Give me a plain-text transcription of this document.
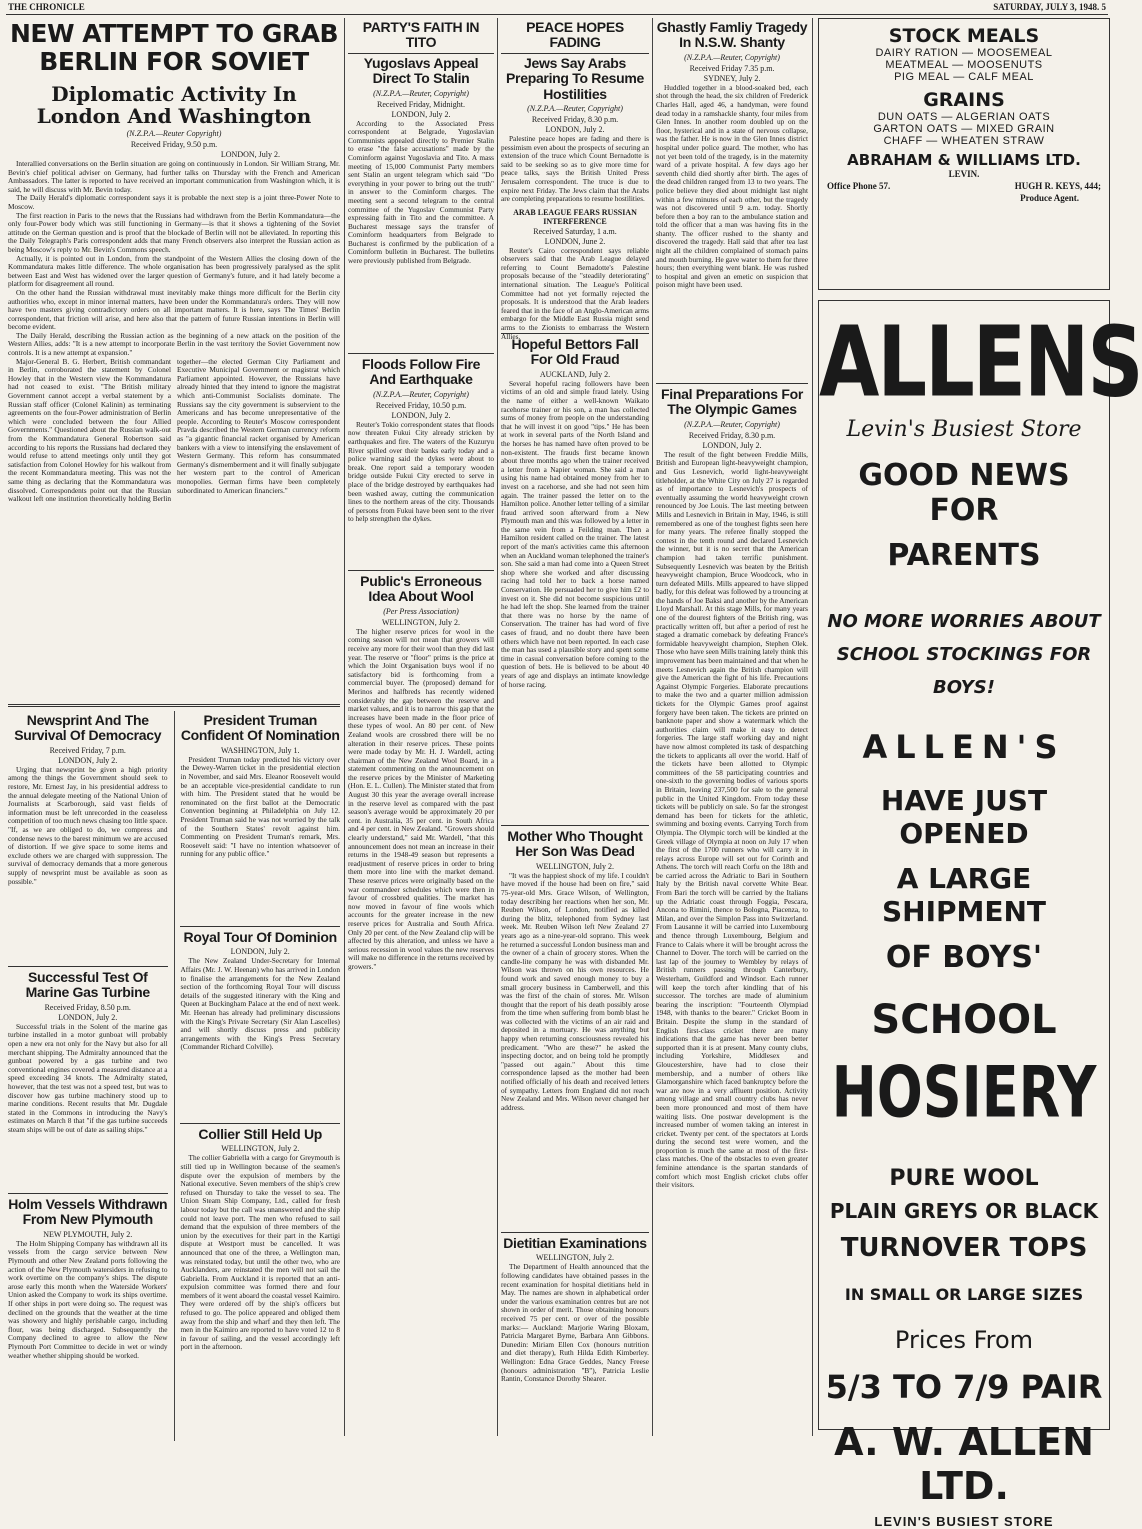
THE CHRONICLE	SATURDAY, JULY 3, 1948. 5
NEW ATTEMPT TO GRAB BERLIN FOR SOVIET
Diplomatic Activity In London And Washington
(N.Z.P.A.—Reuter Copyright)
Received Friday, 9.50 p.m.
LONDON, July 2.

Interallied conversations on the Berlin situation are going on continuously in London. Sir William Strang, Mr. Bevin's chief political adviser on Germany, had further talks on Thursday with the French and American Ambassadors. The latter is reported to have received an important communication from Washington which, it is said, he will discuss with Mr. Bevin today.

The Daily Herald's diplomatic correspondent says it is probable the next step is a joint three-Power Note to Moscow.

The first reaction in Paris to the news that the Russians had withdrawn from the Berlin Kommandatura—the only four-Power body which was still functioning in Germany—is that it shows a tightening of the Soviet attitude on the German question and is proof that the blockade of Berlin will not be alleviated. In reporting this the Daily Telegraph's Paris correspondent adds that many French observers also interpret the Russian action as being Moscow's reply to Mr. Bevin's Commons speech.

Actually, it is pointed out in London, from the standpoint of the Western Allies the closing down of the Kommandatura makes little difference. The whole organisation has been progressively paralysed as the split between East and West has widened over the larger question of Germany's future, and it had lately become a platform for disagreement all round.

On the other hand the Russian withdrawal must inevitably make things more difficult for the Berlin city authorities who, except in minor internal matters, have been under the Kommandatura's orders. They will now have two masters giving contradictory orders on all important matters. It is here, says The Times' Berlin correspondent, that friction will arise, and here also that the pattern of future Russian intentions in Berlin will become evident.

The Daily Herald, describing the Russian action as the beginning of a new attack on the position of the Western Allies, adds: "It is a new attempt to incorporate Berlin in the vast territory the Soviet Government now controls. It is a new attempt at expansion."

Major-General B. G. Herbert, British commandant in Berlin, corroborated the statement by Colonel Howley that in the Western view the Kommandatura had not ceased to exist. "The British military Government cannot accept a verbal statement by a Russian staff officer (Colonel Kalinin) as terminating agreements on the four-Power administration of Berlin which were concluded between the four Allied Governments." Questioned about the Russian walk-out from the Kommandatura General Robertson said according to his reports the Russians had declared they would refuse to attend meetings only until they got satisfaction from Colonel Howley for his walkout from the recent Kommandatura meeting. This was not the same thing as declaring that the Kommandatura was dissolved. Correspondents point out that the Russian walkout left one institution theoretically holding Berlin together—the elected German City Parliament and Executive Municipal Government or magistrat which Parliament appointed. However, the Russians have already hinted that they intend to ignore the magistrat which anti-Communist Socialists dominate. The Russians say the city government is subservient to the Americans and has become unrepresentative of the people. According to Reuter's Moscow correspondent Pravda described the Western German currency reform as "a gigantic financial racket organised by American bankers with a view to intensifying the enslavement of Western Germany. This reform has consummated Germany's dismemberment and it will finally subjugate her western part to the control of American monopolies. German firms have been completely subordinated to American financiers."

Newsprint And The Survival Of Democracy
Received Friday, 7 p.m.
LONDON, July 2.

Urging that newsprint be given a high priority among the things the Government should seek to restore, Mr. Ernest Jay, in his presidential address to the annual delegate meeting of the National Union of Journalists at Scarborough, said vast fields of information must be left unrecorded in the ceaseless competition of too much news chasing too little space. "If, as we are obliged to do, we compress and condense news to the barest minimum we are accused of distortion. If we give space to some items and exclude others we are charged with suppression. The survival of democracy demands that a more generous supply of newsprint must be available as soon as possible."

Successful Test Of Marine Gas Turbine
Received Friday, 8.50 p.m.
LONDON, July 2.

Successful trials in the Solent of the marine gas turbine installed in a motor gunboat will probably open a new era not only for the Navy but also for all merchant shipping. The Admiralty announced that the gunboat powered by a gas turbine and two conventional engines covered a measured distance at a speed exceeding 34 knots. The Admiralty stated, however, that the test was not a speed test, but was to discover how gas turbine machinery stood up to marine conditions. Recent results that Mr. Dugdale stated in the Commons in introducing the Navy's estimates on March 8 that "if the gas turbine succeeds steam ships will be out of date as sailing ships."

Holm Vessels Withdrawn From New Plymouth
NEW PLYMOUTH, July 2.

The Holm Shipping Company has withdrawn all its vessels from the cargo service between New Plymouth and other New Zealand ports following the action of the New Plymouth watersiders in refusing to work overtime on the company's ships. The dispute arose early this month when the Waterside Workers' Union asked the Company to work its ships overtime. If other ships in port were doing so. The request was declined on the grounds that the weather at the time was showery and highly perishable cargo, including flour, was being discharged. Subsequently the Company declined to agree to allow the New Plymouth Port Committee to decide in wet or windy weather whether shipping should be worked.

President Truman Confident Of Nomination
WASHINGTON, July 1.

President Truman today predicted his victory over the Dewey-Warren ticket in the presidential election in November, and said Mrs. Eleanor Roosevelt would be an acceptable vice-presidential candidate to run with him. The President stated that he would be renominated on the first ballot at the Democratic Convention beginning at Philadelphia on July 12. President Truman said he was not worried by the talk of the Southern States' revolt against him. Commenting on President Truman's remark, Mrs. Roosevelt said: "I have no intention whatsoever of running for any public office."

Royal Tour Of Dominion
LONDON, July 2.

The New Zealand Under-Secretary for Internal Affairs (Mr. J. W. Heenan) who has arrived in London to finalise the arrangements for the New Zealand section of the forthcoming Royal Tour will discuss details of the suggested itinerary with the King and Queen at Buckingham Palace at the end of next week. Mr. Heenan has already had preliminary discussions with the King's Private Secretary (Sir Alan Lascelles) and will shortly discuss press and publicity arrangements with the King's Press Secretary (Commander Richard Colville).

Collier Still Held Up
WELLINGTON, July 2.

The collier Gabriella with a cargo for Greymouth is still tied up in Wellington because of the seamen's dispute over the expulsion of members by the National executive. Seven members of the ship's crew refused on Thursday to take the vessel to sea. The Union Steam Ship Company, Ltd., called for fresh labour today but the call was unanswered and the ship could not leave port. The men who refused to sail demand that the expulsion of three members of the union by the executives for their part in the Kartigi dispute at Westport must be cancelled. It was announced that one of the three, a Wellington man, was reinstated today, but until the other two, who are Aucklanders, are reinstated the men will not sail the Gabriella. From Auckland it is reported that an anti-expulsion committee was formed there and four members of it went aboard the coastal vessel Kaimiro. They were ordered off by the ship's officers but refused to go. The police appeared and obliged them away from the ship and wharf and they then left. The men in the Kaimiro are reported to have voted 12 to 8 in favour of sailing, and the vessel accordingly left port in the afternoon.

PARTY'S FAITH IN TITO
Yugoslavs Appeal Direct To Stalin
(N.Z.P.A.—Reuter, Copyright)
Received Friday, Midnight.
LONDON, July 2.

According to the Associated Press correspondent at Belgrade, Yugoslavian Communists appealed directly to Premier Stalin to erase "the false accusations" made by the Cominform against Yugoslavia and Tito. A mass meeting of 15,000 Communist Party members sent Stalin an urgent telegram which said "Do everything in your power to bring out the truth" in answer to the Cominform charges. The meeting sent a second telegram to the central committee of the Yugoslav Communist Party expressing faith in Tito and the committee. A Bucharest message says the transfer of Cominform headquarters from Belgrade to Bucharest is confirmed by the publication of a Cominform bulletin in Bucharest. The bulletins were previously published from Belgrade.

Floods Follow Fire And Earthquake
(N.Z.P.A.—Reuter, Copyright)
Received Friday, 10.50 p.m.
LONDON, July 2.

Reuter's Tokio correspondent states that floods now threaten Fukui City already stricken by earthquakes and fire. The waters of the Kuzuryu River spilled over their banks early today and a police warning said the dykes were about to break. One report said a temporary wooden bridge outside Fukui City erected to serve in place of the bridge destroyed by earthquakes had been washed away, cutting the communication lines to the northern areas of the city. Thousands of persons from Fukui have been sent to the river to help strengthen the dykes.

Public's Erroneous Idea About Wool
(Per Press Association)
WELLINGTON, July 2.

The higher reserve prices for wool in the coming season will not mean that growers will receive any more for their wool than they did last year. The reserve or "floor" prims is the price at which the Joint Organisation buys wool if no satisfactory bid is forthcoming from a commercial buyer. The (proposed) demand for Merinos and halfbreds has recently widened considerably the gap between the reserve and market values, and it is to narrow this gap that the increases have been made in the floor price of these types of wool. An 80 per cent. of New Zealand wools are crossbred there will be no alteration in their reserve prices. These points were made today by Mr. H. J. Wardell, acting chairman of the New Zealand Wool Board, in a statement commenting on the announcement on the reserve prices by the Minister of Marketing (Hon. E. L. Cullen). The Minister stated that from August 30 this year the average overall increase in the reserve level as compared with the past season's average would be approximately 20 per cent. in Australia, 35 per cent. in South Africa and 4 per cent. in New Zealand. "Growers should clearly understand," said Mr. Wardell, "that this announcement does not mean an increase in their returns in the 1948-49 season but represents a readjustment of reserve prices in order to bring them more into line with the market demand. These reserve prices were originally based on the war commandeer schedules which were then in favour of crossbred qualities. The market has now moved in favour of fine wools which accounts for the greater increase in the new reserve prices for Australia and South Africa. Only 20 per cent. of the New Zealand clip will be affected by this alteration, and unless we have a serious recession in wool values the new reserves will make no difference in the returns received by growers."

PEACE HOPES FADING
Jews Say Arabs Preparing To Resume Hostilities
(N.Z.P.A.—Reuter, Copyright)
Received Friday, 8.30 p.m.
LONDON, July 2.

Palestine peace hopes are fading and there is pessimism even about the prospects of securing an extension of the truce which Count Bernadotte is said to be seeking so as to give more time for peace talks, says the British United Press Jerusalem correspondent. The truce is due to expire next Friday. The Jews claim that the Arabs are completing preparations to resume hostilities.

ARAB LEAGUE FEARS RUSSIAN INTERFERENCE
Received Saturday, 1 a.m.
LONDON, June 2.

Reuter's Cairo correspondent says reliable observers said that the Arab League delayed referring to Count Bernadotte's Palestine proposals because of the "steadily deteriorating" international situation. The League's Political Committee had not yet formally rejected the proposals. It is understood that the Arab leaders feared that in the face of an Anglo-American arms embargo for the Middle East Russia might send arms to the Zionists to embarrass the Western Allies.

Hopeful Bettors Fall For Old Fraud
AUCKLAND, July 2.

Several hopeful racing followers have been victims of an old and simple fraud lately. Using the name of either a well-known Waikato racehorse trainer or his son, a man has collected sums of money from people on the understanding that he will invest it on good "tips." He has been at work in several parts of the North Island and the horses he has named have often proved to be non-existent. The frauds first became known about three months ago when the trainer received a letter from a Napier woman. She said a man using his name had obtained money from her to invest on a racehorse, and she had not seen him again. The trainer passed the letter on to the Hamilton police. Another letter telling of a similar fraud arrived soon afterward from a New Plymouth man and this was followed by a letter in the same vein from a Feilding man. Then a Hamilton resident called on the trainer. The latest report of the man's activities came this afternoon when an Auckland woman telephoned the trainer's son. She said a man had come into a Queen Street shop where she worked and after discussing racing had told her to back a horse named Conservation. He persuaded her to give him £2 to invest on it. She did not become suspicious until he had left the shop. She learned from the trainer that there was no horse by the name of Conservation. The trainer has had word of five cases of fraud, and no doubt there have been others which have not been reported. In each case the man has used a plausible story and spent some time in casual conversation before coming to the question of bets. He is believed to be about 40 years of age and displays an intimate knowledge of horse racing.

Mother Who Thought Her Son Was Dead
WELLINGTON, July 2.

"It was the happiest shock of my life. I couldn't have moved if the house had been on fire," said 75-year-old Mrs. Grace Wilson, of Wellington, today describing her reactions when her son, Mr. Reuben Wilson, of London, notified as killed during the blitz, telephoned from Sydney last week. Mr. Reuben Wilson left New Zealand 27 years ago as a nine-year-old soprano. This week he returned a successful London business man and the owner of a chain of grocery stores. When the candle-lite company he was with disbanded Mr. Wilson was thrown on his own resources. He found work and saved enough money to buy a small grocery business in Camberwell, and this was the first of the chain of stores. Mr. Wilson thought that the report of his death possibly arose from the time when suffering from bomb blast he was collected with the victims of an air raid and deposited in a mortuary. He was anything but happy when returning consciousness revealed his predicament. "Who are these?" he asked the inspecting doctor, and on being told he promptly "passed out again." About this time correspondence lapsed as the mother had been notified officially of his death and received letters of sympathy. Letters from England did not reach New Zealand and Mrs. Wilson never changed her address.

Dietitian Examinations
WELLINGTON, July 2.

The Department of Health announced that the following candidates have obtained passes in the recent examination for hospital dietitians held in May. The names are shown in alphabetical order under the various examination centres but are not shown in order of merit. Those obtaining honours received 75 per cent. or over of the possible marks:— Auckland: Marjorie Waring Bloxam, Patricia Margaret Byrne, Barbara Ann Gibbons. Dunedin: Miriam Ellen Cox (honours nutrition and diet therapy), Ruth Hilda Edith Kimberley. Wellington: Edna Grace Geddes, Nancy Freese (honours administration "B"), Patricia Leslie Rantin, Constance Dorothy Shearer.

Ghastly Famliy Tragedy In N.S.W. Shanty
(N.Z.P.A.—Reuter, Copyright)
Received Friday 7.35 p.m.
SYDNEY, July 2.

Huddled together in a blood-soaked bed, each shot through the head, the six children of Frederick Charles Hall, aged 46, a handyman, were found dead today in a ramshackle shanty, four miles from Glen Innes. In another room doubled up on the floor, hysterical and in a state of nervous collapse, was the father. He is now in the Glen Innes district hospital under police guard. The mother, who has not yet been told of the tragedy, is in the maternity ward of a private hospital. A few days ago her seventh child died shortly after birth. The ages of the dead children ranged from 13 to two years. The police believe they died about midnight last night within a few minutes of each other, but the tragedy was not discovered until 9 a.m. today. Shortly before then a boy ran to the ambulance station and told the officer that a man was having fits in the shanty. The officer rushed to the shanty and discovered the tragedy. Hall said that after tea last night all the children complained of stomach pains and mouth burning. He gave water to them for three hours; then everything went blank. He was rushed to hospital and given an emetic on suspicion that poison might have been used.

Final Preparations For The Olympic Games
(N.Z.P.A.—Reuter, Copyright)
Received Friday, 8.30 p.m.
LONDON, July 2.

The result of the fight between Freddie Mills, British and European light-heavyweight champion, and Gus Lesnevich, world light-heavyweight titleholder, at the White City on July 27 is regarded as of importance to Lesnevich's prospects of eventually assuming the world heavyweight crown renounced by Joe Louis. The last meeting between Mills and Lesnevich in Britain in May, 1946, is still remembered as one of the toughest fights seen here for many years. The referee finally stopped the contest in the tenth round and declared Lesnevich the winner, but it is no secret that the American champion had taken terrific punishment. Subsequently Lesnevich was beaten by the British heavyweight champion, Bruce Woodcock, who in turn defeated Mills. Mills appeared to have slipped badly, for this defeat was followed by a trouncing at the hands of Joe Baksi and another by the American Lloyd Marshall. At this stage Mills, for many years one of the dourest fighters of the British ring, was practically written off, but after a period of rest he staged a dramatic comeback by defeating France's formidable heavyweight champion, Stephen Olek. Those who have seen Mills training lately think this improvement has been maintained and that when he meets Lesnevich again the British champion will give the American the fight of his life. Precautions Against Olympic Forgeries. Elaborate precautions to make the two and a quarter million admission tickets for the Olympic Games proof against forgery have been taken. The tickets are printed on banknote paper and show a watermark which the authorities claim will make it easy to detect forgeries. The large staff working day and night have now almost completed its task of despatching the tickets to applicants all over the world. Half of the tickets have been allotted to Olympic committees of the 58 participating countries and one-sixth to the governing bodies of various sports in Britain, leaving 237,500 for sale to the general public in the United Kingdom. From today these tickets will be publicly on sale. So far the strongest demand has been for tickets for the athletic, swimming and boxing events. Carrying Torch from Olympia. The Olympic torch will be kindled at the Greek village of Olympia at noon on July 17 when the first of the 1700 runners who will carry it in relays across Europe will set out for Corinth and Athens. The torch will reach Corfu on the 18th and be carried across the Adriatic to Bari in Southern Italy by the British naval corvette White Bear. From Bari the torch will be carried by the Italians up the Adriatic coast through Foggia, Pescara, Ancona to Rimini, thence to Bologna, Piacenza, to Milan, and over the Simplon Pass into Switzerland. From Lausanne it will be carried into Luxembourg and thence through Luxembourg, Belgium and France to Calais where it will be brought across the Channel to Dover. The torch will be carried on the last lap of the journey to Wembley by relays of British runners passing through Canterbury, Westerham, Guildford and Windsor. Each runner will keep the torch after kindling that of his successor. The torches are made of aluminium bearing the inscription: "Fourteenth Olympiad 1948, with thanks to the bearer." Cricket Boom in Britain. Despite the slump in the standard of English first-class cricket there are many indications that the game has never been better supported than it is at present. Many county clubs, including Yorkshire, Middlesex and Gloucestershire, have had to close their membership, and a number of others like Glamorganshire which faced bankruptcy before the war are now in a very affluent position. Activity among village and small country clubs has never been more pronounced and most of them have waiting lists. One postwar development is the increased number of women taking an interest in cricket. Twenty per cent. of the spectators at Lords during the second test were women, and the proportion is much the same at most of the first-class matches. One of the obstacles to even greater feminine attendance is the spartan standards of comfort which most English cricket clubs offer their visitors.

STOCK MEALS
DAIRY RATION — MOOSEMEAL
MEATMEAL — MOOSENUTS
PIG MEAL — CALF MEAL
GRAINS
DUN OATS — ALGERIAN OATS
GARTON OATS — MIXED GRAIN
CHAFF — WHEATEN STRAW
ABRAHAM & WILLIAMS LTD.
LEVIN.
Office Phone 57.	HUGH R. KEYS, 444;
Produce Agent.
ALLENS
Levin's Busiest Store
GOOD NEWS FOR
PARENTS
NO MORE WORRIES ABOUT
SCHOOL STOCKINGS FOR
BOYS!
ALLEN'S
HAVE JUST OPENED
A LARGE SHIPMENT
OF BOYS'
SCHOOL
HOSIERY
PURE WOOL
PLAIN GREYS OR BLACK
TURNOVER TOPS
IN SMALL OR LARGE SIZES
Prices From
5/3 TO 7/9 PAIR
A. W. ALLEN LTD.
LEVIN'S BUSIEST STORE
